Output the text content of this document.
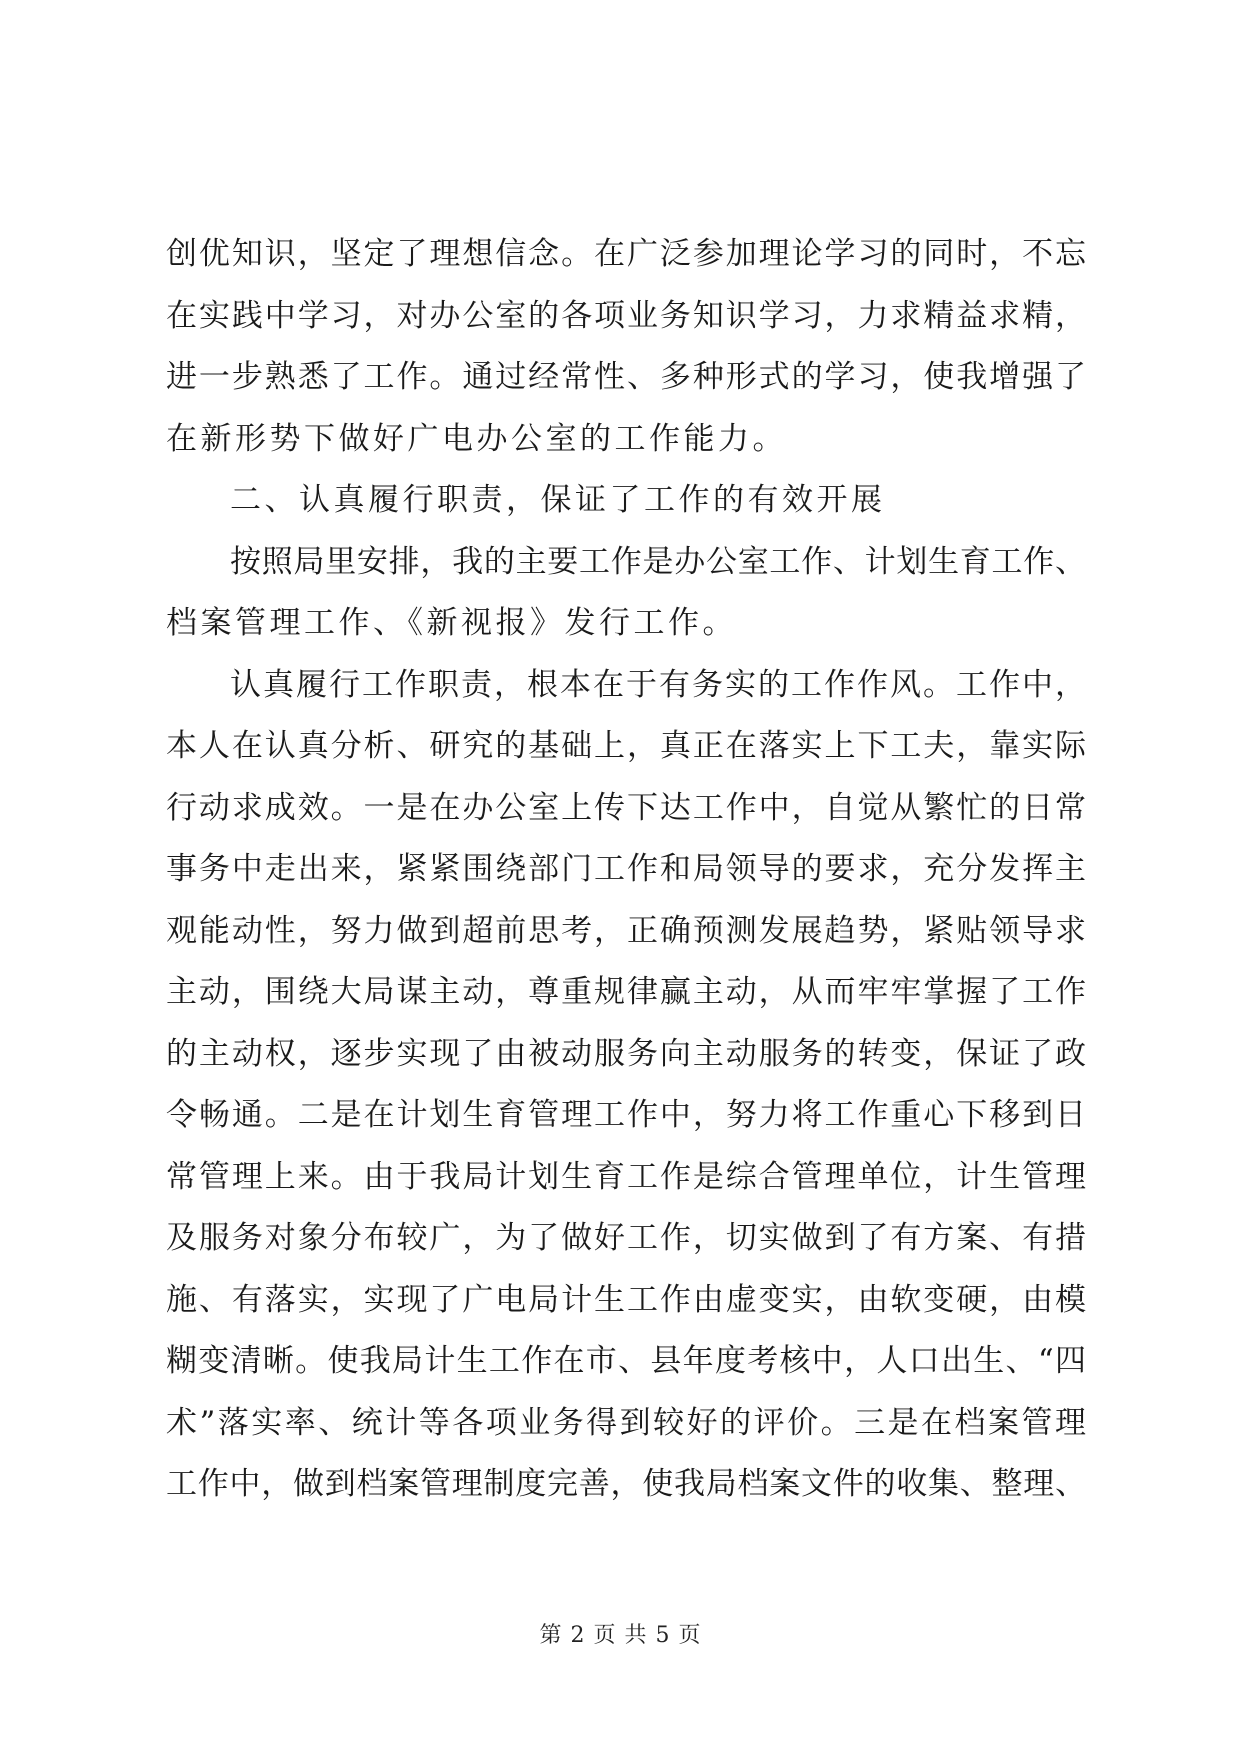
创优知识，坚定了理想信念。在广泛参加理论学习的同时，不忘
在实践中学习，对办公室的各项业务知识学习，力求精益求精，
进一步熟悉了工作。通过经常性、多种形式的学习，使我增强了
在新形势下做好广电办公室的工作能力。
二、认真履行职责，保证了工作的有效开展
按照局里安排，我的主要工作是办公室工作、计划生育工作、
档案管理工作、《新视报》发行工作。
认真履行工作职责，根本在于有务实的工作作风。工作中，
本人在认真分析、研究的基础上，真正在落实上下工夫，靠实际
行动求成效。一是在办公室上传下达工作中，自觉从繁忙的日常
事务中走出来，紧紧围绕部门工作和局领导的要求，充分发挥主
观能动性，努力做到超前思考，正确预测发展趋势，紧贴领导求
主动，围绕大局谋主动，尊重规律赢主动，从而牢牢掌握了工作
的主动权，逐步实现了由被动服务向主动服务的转变，保证了政
令畅通。二是在计划生育管理工作中，努力将工作重心下移到日
常管理上来。由于我局计划生育工作是综合管理单位，计生管理
及服务对象分布较广，为了做好工作，切实做到了有方案、有措
施、有落实，实现了广电局计生工作由虚变实，由软变硬，由模
糊变清晰。使我局计生工作在市、县年度考核中，人口出生、“四
术”落实率、统计等各项业务得到较好的评价。三是在档案管理
工作中，做到档案管理制度完善，使我局档案文件的收集、整理、
第 2 页 共 5 页
